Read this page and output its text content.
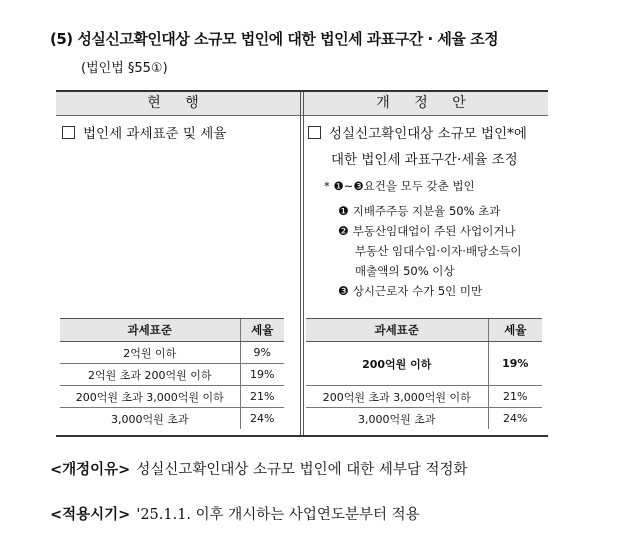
(5) 성실신고확인대상 소규모 법인에 대한 법인세 과표구간 · 세율 조정
(법인법 §55①)
현 행	개 정 안
법인세 과세표준 및 세율
과세표준	세율
2억원 이하	9%
2억원 초과 200억원 이하	19%
200억원 초과 3,000억원 이하	21%
3,000억원 초과	24%
성실신고확인대상 소규모 법인*에
대한 법인세 과표구간·세율 조정
* ❶~❸요건을 모두 갖춘 법인
❶ 지배주주등 지분율 50% 초과
❷ 부동산임대업이 주된 사업이거나
부동산 임대수입·이자·배당소득이
매출액의 50% 이상
❸ 상시근로자 수가 5인 미만
과세표준	세율
200억원 이하	19%
200억원 초과 3,000억원 이하	21%
3,000억원 초과	24%
<개정이유> 성실신고확인대상 소규모 법인에 대한 세부담 적정화
<적용시기> '25.1.1. 이후 개시하는 사업연도분부터 적용
